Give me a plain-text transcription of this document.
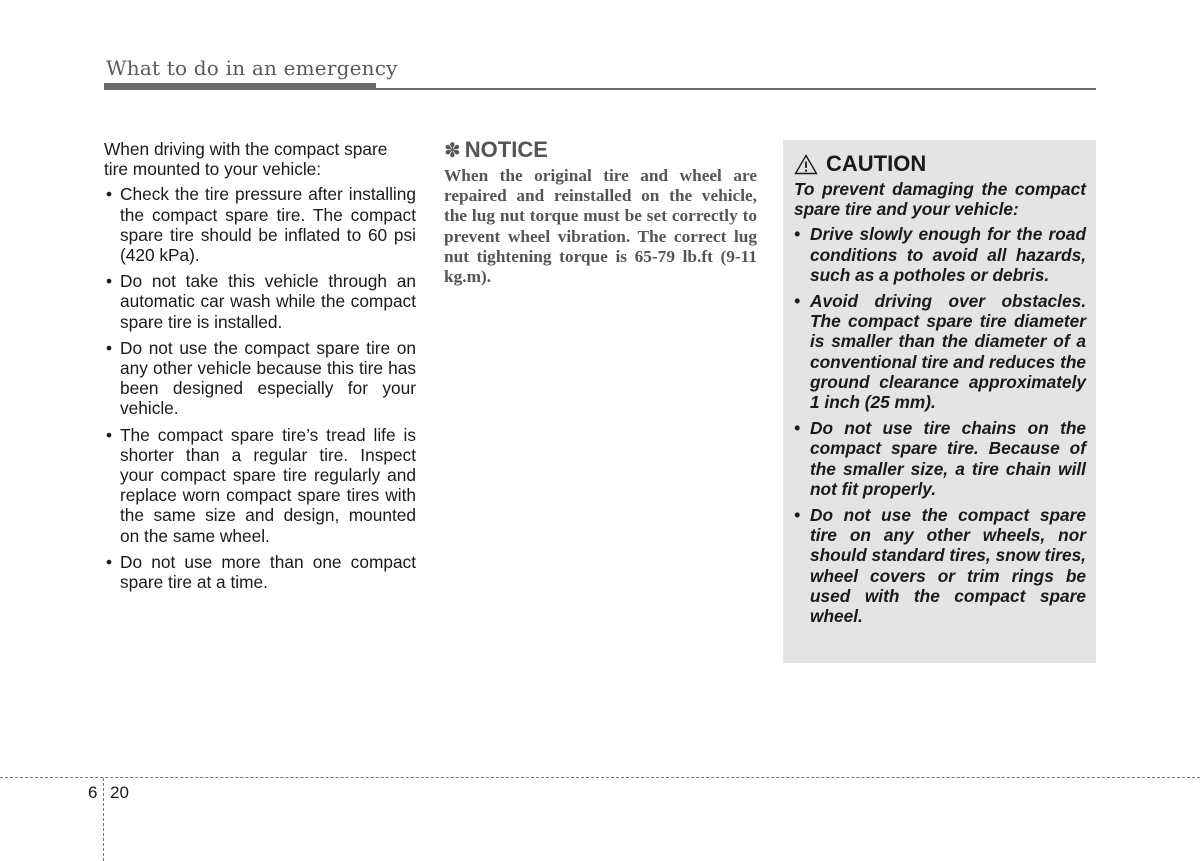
What to do in an emergency

When driving with the compact spare tire mounted to your vehicle:

• Check the tire pressure after installing the compact spare tire. The compact spare tire should be inflated to 60 psi (420 kPa).
• Do not take this vehicle through an automatic car wash while the compact spare tire is installed.
• Do not use the compact spare tire on any other vehicle because this tire has been designed especially for your vehicle.
• The compact spare tire’s tread life is shorter than a regular tire. Inspect your compact spare tire regularly and replace worn compact spare tires with the same size and design, mounted on the same wheel.
• Do not use more than one compact spare tire at a time.
✽ NOTICE

When the original tire and wheel are repaired and reinstalled on the vehicle, the lug nut torque must be set correctly to prevent wheel vibration. The correct lug nut tightening torque is 65-79 lb.ft (9-11 kg.m).

CAUTION

To prevent damaging the compact spare tire and your vehicle:

• Drive slowly enough for the road conditions to avoid all hazards, such as a potholes or debris.
• Avoid driving over obstacles. The compact spare tire diameter is smaller than the diameter of a conventional tire and reduces the ground clearance approximately 1 inch (25 mm).
• Do not use tire chains on the compact spare tire. Because of the smaller size, a tire chain will not fit properly.
• Do not use the compact spare tire on any other wheels, nor should standard tires, snow tires, wheel covers or trim rings be used with the compact spare wheel.
6 20
